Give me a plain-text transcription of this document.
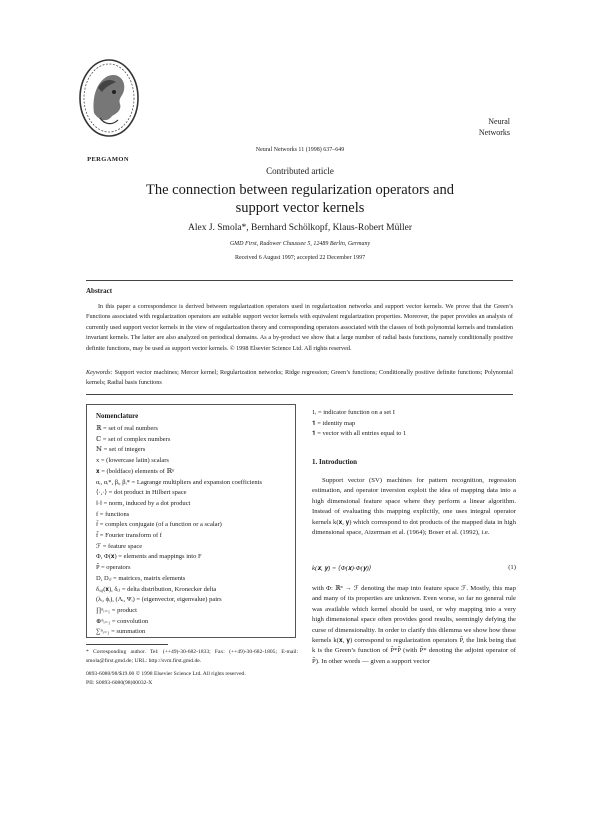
PERGAMON
Neural
Networks
Neural Networks 11 (1998) 637–649
Contributed article
The connection between regularization operators and
support vector kernels
Alex J. Smola*, Bernhard Schölkopf, Klaus-Robert Müller
GMD First, Rudower Chaussee 5, 12489 Berlin, Germany
Received 6 August 1997; accepted 22 December 1997
Abstract
In this paper a correspondence is derived between regularization operators used in regularization networks and support vector kernels. We prove that the Green’s Functions associated with regularization operators are suitable support vector kernels with equivalent regularization properties. Moreover, the paper provides an analysis of currently used support vector kernels in the view of regularization theory and corresponding operators associated with the classes of both polynomial kernels and translation invariant kernels. The latter are also analyzed on periodical domains. As a by-product we show that a large number of radial basis functions, namely conditionally positive definite functions, may be used as support vector kernels. © 1998 Elsevier Science Ltd. All rights reserved.
Keywords: Support vector machines; Mercer kernel; Regularization networks; Ridge regression; Green’s functions; Conditionally positive definite functions; Polynomial kernels; Radial basis functions
Nomenclature
ℝ = set of real numbers
ℂ = set of complex numbers
ℕ = set of integers
x = (lowercase latin) scalars
𝐱 = (boldface) elements of ℝⁿ
αᵢ, αᵢ*, βᵢ, βᵢ* = Lagrange multipliers and expansion coefficients
⟨·,·⟩ = dot product in Hilbert space
‖·‖ = norm, induced by a dot product
f = functions
f̄ = complex conjugate (of a function or a scalar)
f̃ = Fourier transform of f
ℱ = feature space
Φ, Φ(𝐱) = elements and mappings into F
P̂ = operators
D, Dᵢⱼ = matrices, matrix elements
δₓ₀(𝐱), δᵢⱼ = delta distribution, Kronecker delta
(λᵢ, ϕᵢ), (Λᵢ, Ψᵢ) = (eigenvector, eigenvalue) pairs
∏ⁿᵢ₌₁ = product
⊛ⁿᵢ₌₁ = convolution
∑ⁿᵢ₌₁ = summation
1ᵢ = indicator function on a set I
𝟏 = identity map
𝟏 = vector with all entries equal to 1
1. Introduction
Support vector (SV) machines for pattern recognition, regression estimation, and operator inversion exploit the idea of mapping data into a high dimensional feature space where they perform a linear algorithm. Instead of evaluating this mapping explicitly, one uses integral operator kernels k(𝐱, 𝐲) which correspond to dot products of the mapped data in high dimensional space, Aizerman et al. (1964); Boser et al. (1992), i.e.
k(𝐱, 𝐲) = ⟨Φ(𝐱)·Φ(𝐲)⟩	(1)
with Φ: ℝⁿ → ℱ denoting the map into feature space ℱ. Mostly, this map and many of its properties are unknown. Even worse, so far no general rule was available which kernel should be used, or why mapping into a very high dimensional space often provides good results, seemingly defying the curse of dimensionality. In order to clarify this dilemma we show how these kernels k(𝐱, 𝐲) correspond to regularization operators P̂, the link being that k is the Green’s function of P̂*P̂ (with P̂* denoting the adjoint operator of P̂). In other words — given a support vector
* Corresponding author. Tel: (++49)-30-682-1833; Fax: (++49)-30-682-1805; E-mail: smola@first.gmd.de; URL: http://svm.first.gmd.de.
0893-6080/98/$19.00 © 1998 Elsevier Science Ltd. All rights reserved.
PII: S0893-6080(98)00032-X
